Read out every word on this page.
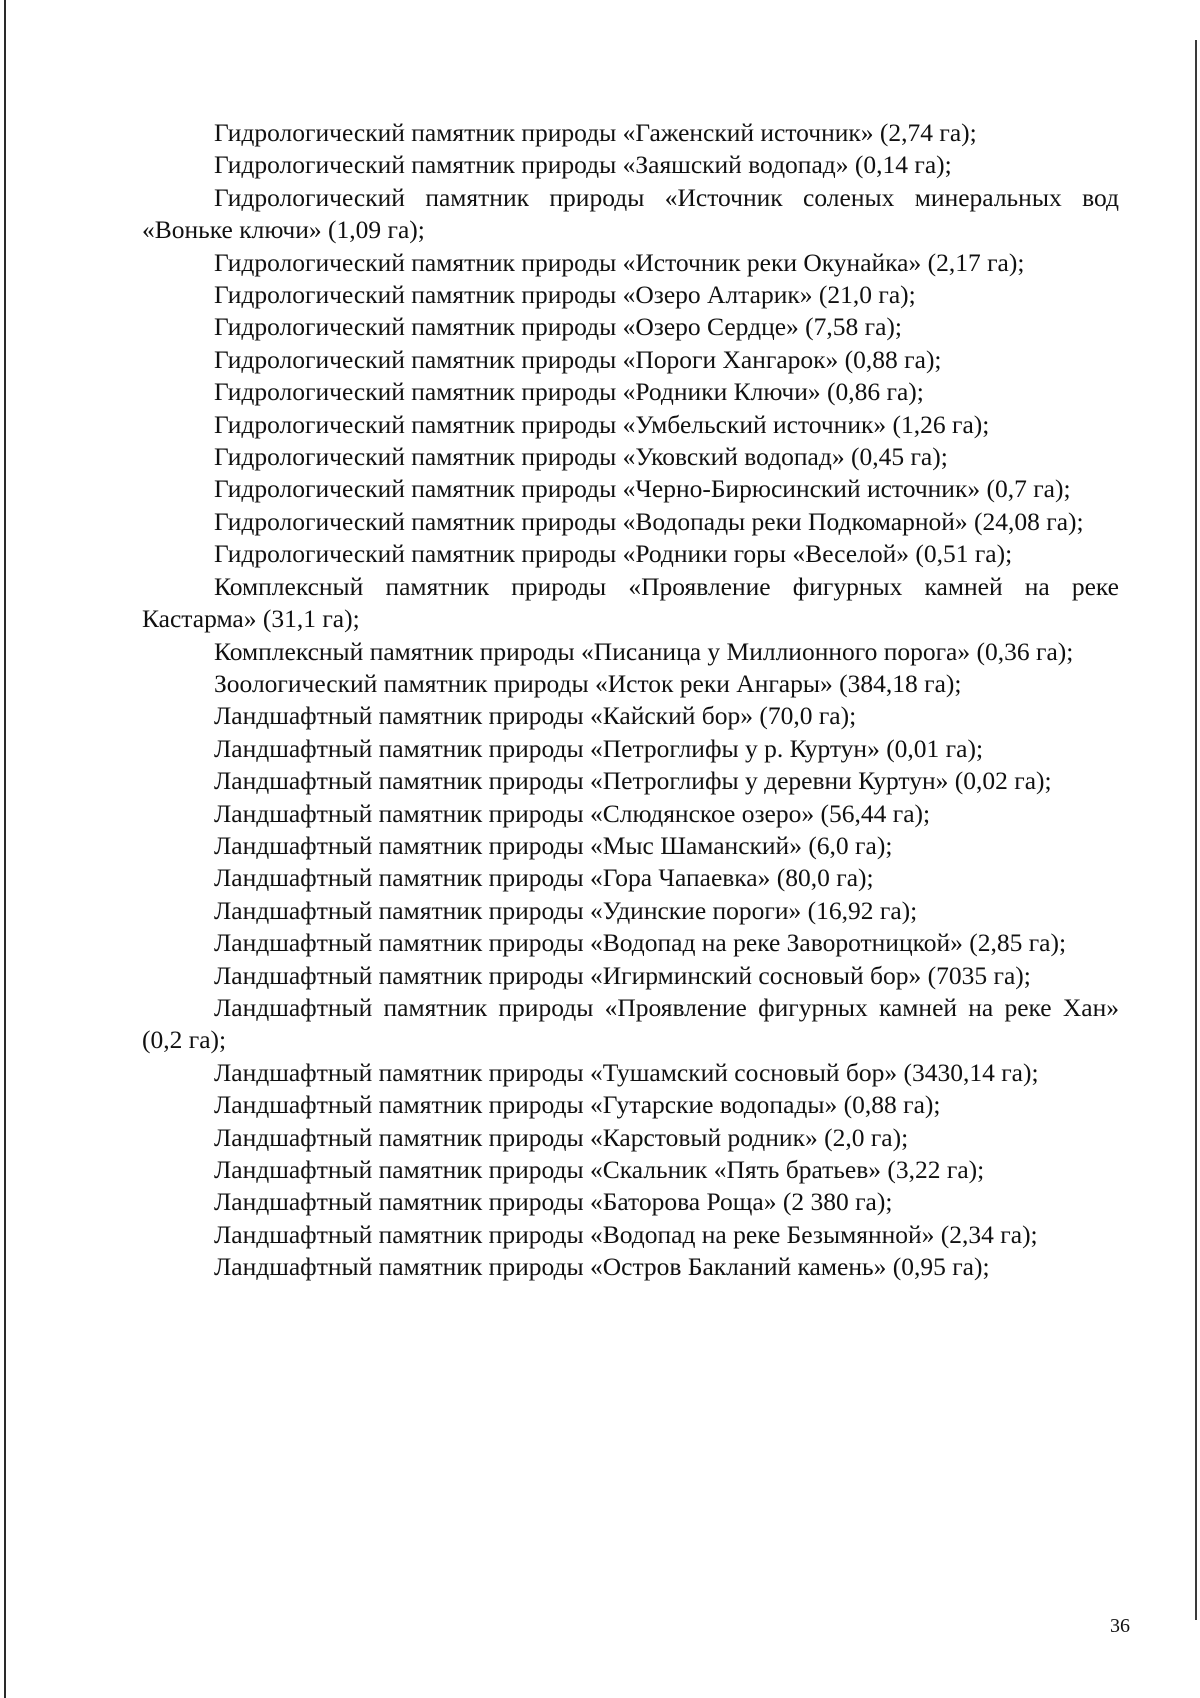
Гидрологический памятник природы «Гаженский источник» (2,74 га);

Гидрологический памятник природы «Заяшский водопад» (0,14 га);

Гидрологический памятник природы «Источник соленых минеральных вод «Воньке ключи» (1,09 га);

Гидрологический памятник природы «Источник реки Окунайка» (2,17 га);

Гидрологический памятник природы «Озеро Алтарик» (21,0 га);

Гидрологический памятник природы «Озеро Сердце» (7,58 га);

Гидрологический памятник природы «Пороги Хангарок» (0,88 га);

Гидрологический памятник природы «Родники Ключи» (0,86 га);

Гидрологический памятник природы «Умбельский источник» (1,26 га);

Гидрологический памятник природы «Уковский водопад» (0,45 га);

Гидрологический памятник природы «Черно-Бирюсинский источник» (0,7 га);

Гидрологический памятник природы «Водопады реки Подкомарной» (24,08 га);

Гидрологический памятник природы «Родники горы «Веселой» (0,51 га);

Комплексный памятник природы «Проявление фигурных камней на реке Кастарма» (31,1 га);

Комплексный памятник природы «Писаница у Миллионного порога» (0,36 га);

Зоологический памятник природы «Исток реки Ангары» (384,18 га);

Ландшафтный памятник природы «Кайский бор» (70,0 га);

Ландшафтный памятник природы «Петроглифы у р. Куртун» (0,01 га);

Ландшафтный памятник природы «Петроглифы у деревни Куртун» (0,02 га);

Ландшафтный памятник природы «Слюдянское озеро» (56,44 га);

Ландшафтный памятник природы «Мыс Шаманский» (6,0 га);

Ландшафтный памятник природы «Гора Чапаевка» (80,0 га);

Ландшафтный памятник природы «Удинские пороги» (16,92 га);

Ландшафтный памятник природы «Водопад на реке Заворотницкой» (2,85 га);

Ландшафтный памятник природы «Игирминский сосновый бор» (7035 га);

Ландшафтный памятник природы «Проявление фигурных камней на реке Хан» (0,2 га);

Ландшафтный памятник природы «Тушамский сосновый бор» (3430,14 га);

Ландшафтный памятник природы «Гутарские водопады» (0,88 га);

Ландшафтный памятник природы «Карстовый родник» (2,0 га);

Ландшафтный памятник природы «Скальник «Пять братьев» (3,22 га);

Ландшафтный памятник природы «Баторова Роща» (2 380 га);

Ландшафтный памятник природы «Водопад на реке Безымянной» (2,34 га);

Ландшафтный памятник природы «Остров Бакланий камень» (0,95 га);

36
